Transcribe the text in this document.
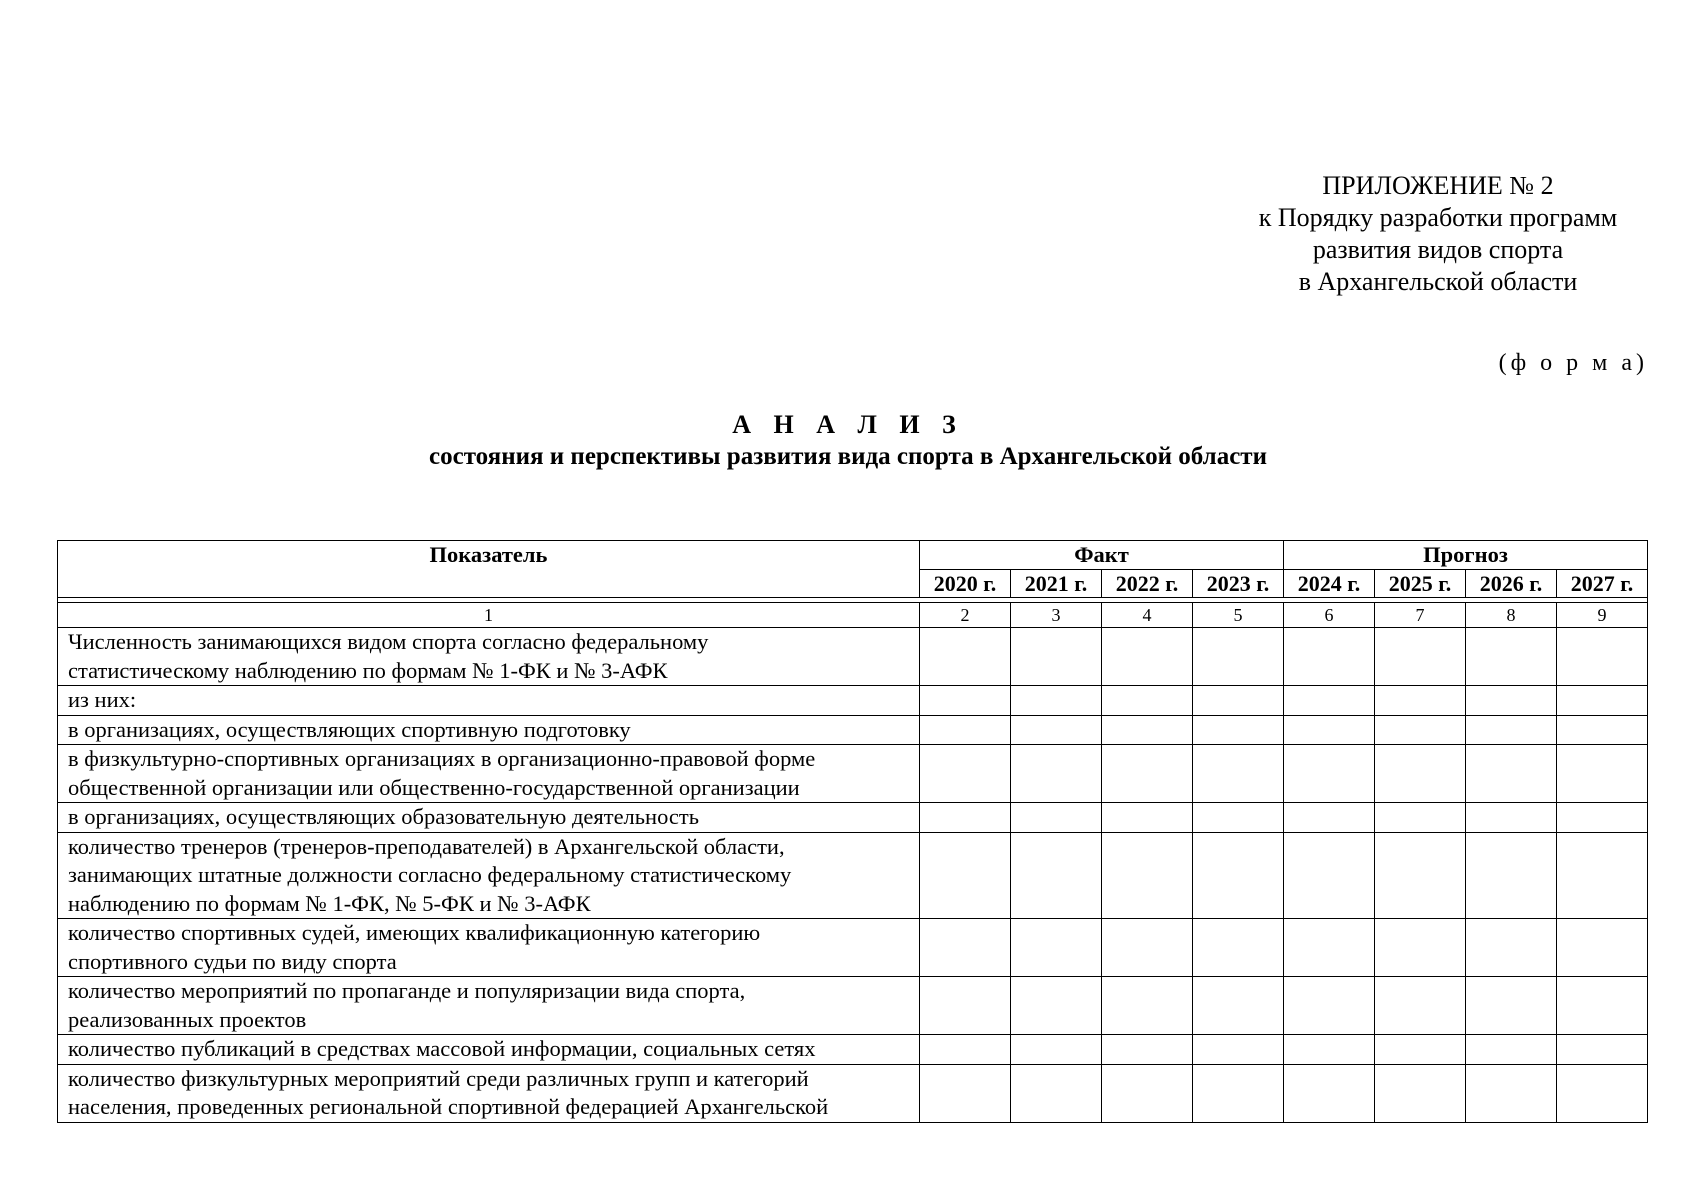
ПРИЛОЖЕНИЕ № 2
к Порядку разработки программ
развития видов спорта
в Архангельской области
(ф о р м а)
А Н А Л И З
состояния и перспективы развития вида спорта в Архангельской области
Показатель	Факт				Прогноз			
	2020 г.	2021 г.	2022 г.	2023 г.	2024 г.	2025 г.	2026 г.	2027 г.

1	2	3	4	5	6	7	8	9

Численность занимающихся видом спорта согласно федеральному
статистическому наблюдению по формам № 1-ФК и № 3-АФК								

из них:								

в организациях, осуществляющих спортивную подготовку								

в физкультурно-спортивных организациях в организационно-правовой форме
общественной организации или общественно-государственной организации								

в организациях, осуществляющих образовательную деятельность								

количество тренеров (тренеров-преподавателей) в Архангельской области,
занимающих штатные должности согласно федеральному статистическому
наблюдению по формам № 1-ФК, № 5-ФК и № 3-АФК								

количество спортивных судей, имеющих квалификационную категорию
спортивного судьи по виду спорта								

количество мероприятий по пропаганде и популяризации вида спорта,
реализованных проектов								

количество публикаций в средствах массовой информации, социальных сетях								

количество физкультурных мероприятий среди различных групп и категорий
населения, проведенных региональной спортивной федерацией Архангельской								
